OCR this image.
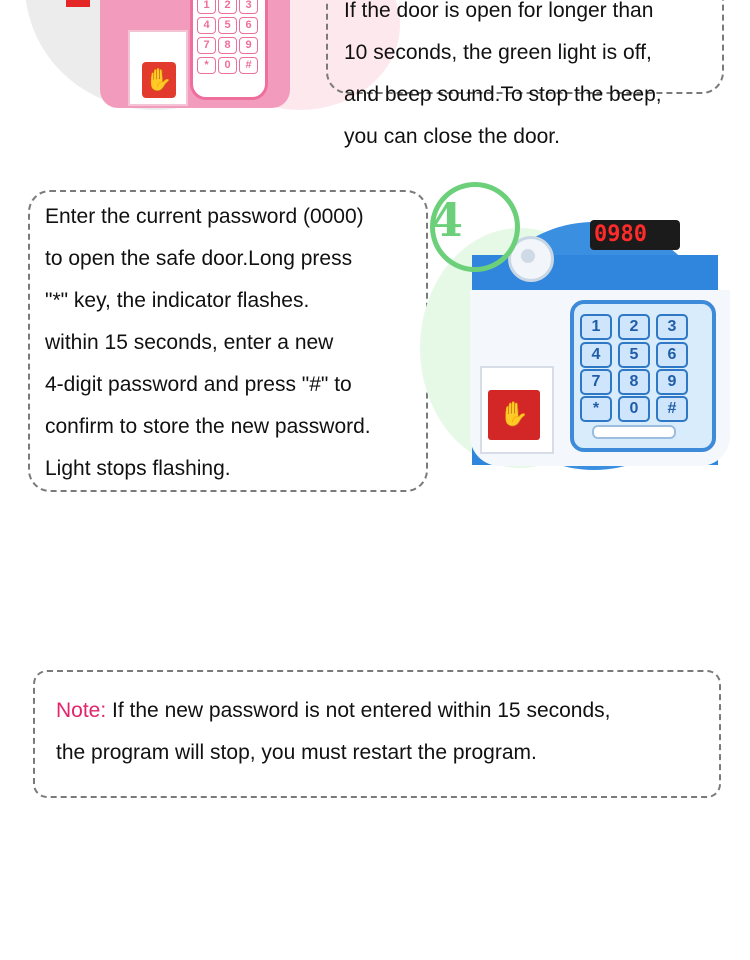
✋
1	2	3
4	5	6
7	8	9
*	0	#
If the door is open for longer than
10 seconds, the green light is off,
and beep sound.To stop the beep,
you can close the door.
Enter the current password (0000)
to open the safe door.Long press
"*" key, the indicator flashes.
within 15 seconds, enter a new
4-digit password and press "#" to
confirm to store the new password.
Light stops flashing.
0980
✋
1	2	3
4	5	6
7	8	9
*	0	#
4
Note: If the new password is not entered within 15 seconds,
the program will stop, you must restart the program.
